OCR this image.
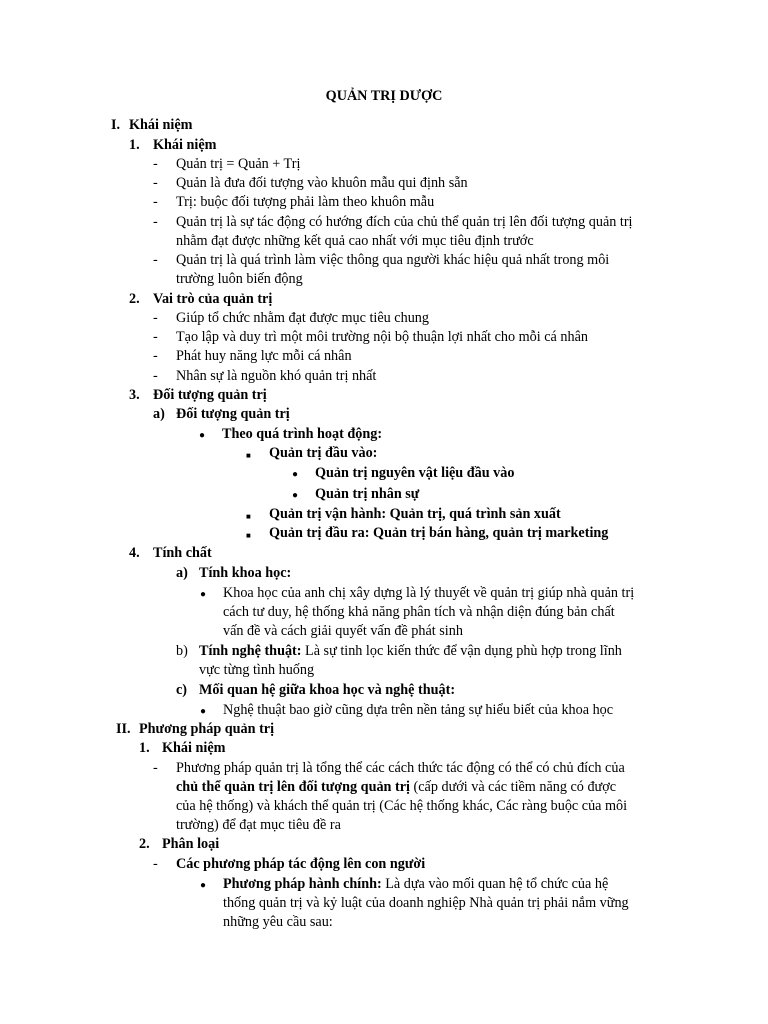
QUẢN TRỊ DƯỢC
I. Khái niệm
1. Khái niệm
- Quản trị = Quản + Trị
- Quản là đưa đối tượng vào khuôn mẫu qui định sẵn
- Trị: buộc đối tượng phải làm theo khuôn mẫu
- Quản trị là sự tác động có hướng đích của chủ thể quản trị lên đối tượng quản trị
nhằm đạt được những kết quả cao nhất với mục tiêu định trước
- Quản trị là quá trình làm việc thông qua người khác hiệu quả nhất trong môi
trường luôn biến động
2. Vai trò của quản trị
- Giúp tổ chức nhằm đạt được mục tiêu chung
- Tạo lập và duy trì một môi trường nội bộ thuận lợi nhất cho mỗi cá nhân
- Phát huy năng lực mỗi cá nhân
- Nhân sự là nguồn khó quản trị nhất
3. Đối tượng quản trị
a) Đối tượng quản trị
● Theo quá trình hoạt động:
■ Quản trị đầu vào:
● Quản trị nguyên vật liệu đầu vào
● Quản trị nhân sự
■ Quản trị vận hành: Quản trị, quá trình sản xuất
■ Quản trị đầu ra: Quản trị bán hàng, quản trị marketing
4. Tính chất
a) Tính khoa học:
● Khoa học của anh chị xây dựng là lý thuyết về quản trị giúp nhà quản trị
cách tư duy, hệ thống khả năng phân tích và nhận diện đúng bản chất
vấn đề và cách giải quyết vấn đề phát sinh
b) Tính nghệ thuật: Là sự tinh lọc kiến thức để vận dụng phù hợp trong lĩnh
vực từng tình huống
c) Mối quan hệ giữa khoa học và nghệ thuật:
● Nghệ thuật bao giờ cũng dựa trên nền tảng sự hiểu biết của khoa học
II. Phương pháp quản trị
1. Khái niệm
- Phương pháp quản trị là tổng thể các cách thức tác động có thể có chủ đích của
chủ thể quản trị lên đối tượng quản trị (cấp dưới và các tiềm năng có được
của hệ thống) và khách thể quản trị (Các hệ thống khác, Các ràng buộc của môi
trường) để đạt mục tiêu đề ra
2. Phân loại
- Các phương pháp tác động lên con người
● Phương pháp hành chính: Là dựa vào mối quan hệ tổ chức của hệ
thống quản trị và kỷ luật của doanh nghiệp Nhà quản trị phải nắm vững
những yêu cầu sau:
